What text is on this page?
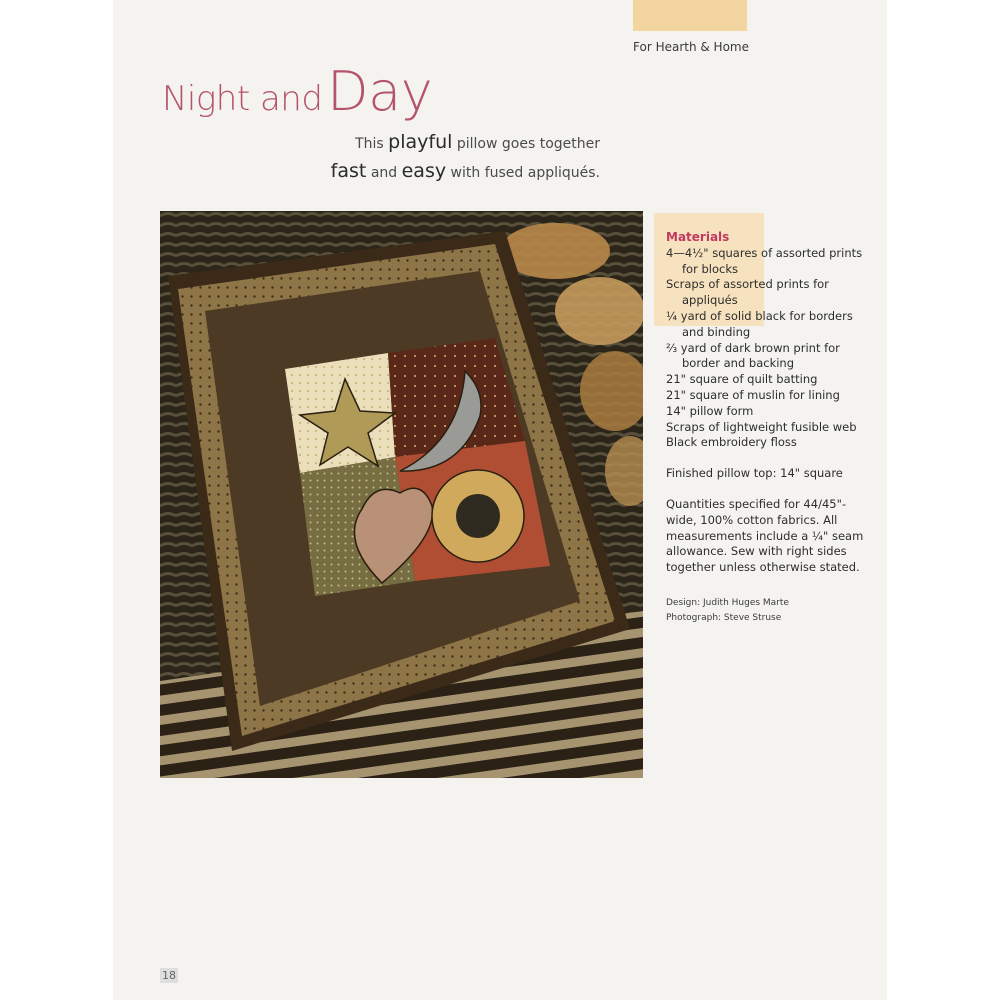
For Hearth & Home
Night and Day
This playful pillow goes together
fast and easy with fused appliqués.
Materials
4—4½" squares of assorted prints for blocks
Scraps of assorted prints for appliqués
¼ yard of solid black for borders and binding
⅔ yard of dark brown print for border and backing
21" square of quilt batting
21" square of muslin for lining
14" pillow form
Scraps of lightweight fusible web
Black embroidery floss
Finished pillow top: 14" square
Quantities specified for 44/45"-wide, 100% cotton fabrics. All measurements include a ¼" seam allowance. Sew with right sides together unless otherwise stated.
Design: Judith Huges Marte
Photograph: Steve Struse
18
